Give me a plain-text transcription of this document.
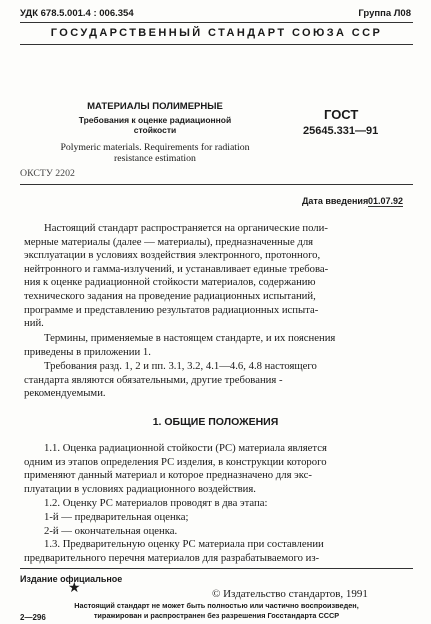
УДК 678.5.001.4 : 006.354	Группа Л08
ГОСУДАРСТВЕННЫЙ СТАНДАРТ СОЮЗА ССР
МАТЕРИАЛЫ ПОЛИМЕРНЫЕ
Требования к оценке радиационной
стойкости
Polymeric materials. Requirements for radiation
resistance estimation
ГОСТ
25645.331—91
ОКСТУ 2202
Дата введения 01.07.92
Настоящий стандарт распространяется на органические поли-
мерные материалы (далее — материалы), предназначенные для
эксплуатации в условиях воздействия электронного, протонного,
нейтронного и гамма-излучений, и устанавливает единые требова-
ния к оценке радиационной стойкости материалов, содержанию
технического задания на проведение радиационных испытаний,
программе и представлению результатов радиационных испыта-
ний.
Термины, применяемые в настоящем стандарте, и их пояснения
приведены в приложении 1.
Требования разд. 1, 2 и пп. 3.1, 3.2, 4.1—4.6, 4.8 настоящего
стандарта являются обязательными, другие требования -
рекомендуемыми.
1. ОБЩИЕ ПОЛОЖЕНИЯ
1.1. Оценка радиационной стойкости (РС) материала является
одним из этапов определения РС изделия, в конструкции которого
применяют данный материал и которое предназначено для экс-
плуатации в условиях радиационного воздействия.
1.2. Оценку РС материалов проводят в два этапа:
1-й — предварительная оценка;
2-й — окончательная оценка.
1.3. Предварительную оценку РС материала при составлении
предварительного перечня материалов для разрабатываемого из-
Издание официальное
★	© Издательство стандартов, 1991
Настоящий стандарт не может быть полностью или частично воспроизведен,
тиражирован и распространен без разрешения Госстандарта СССР
2—296
